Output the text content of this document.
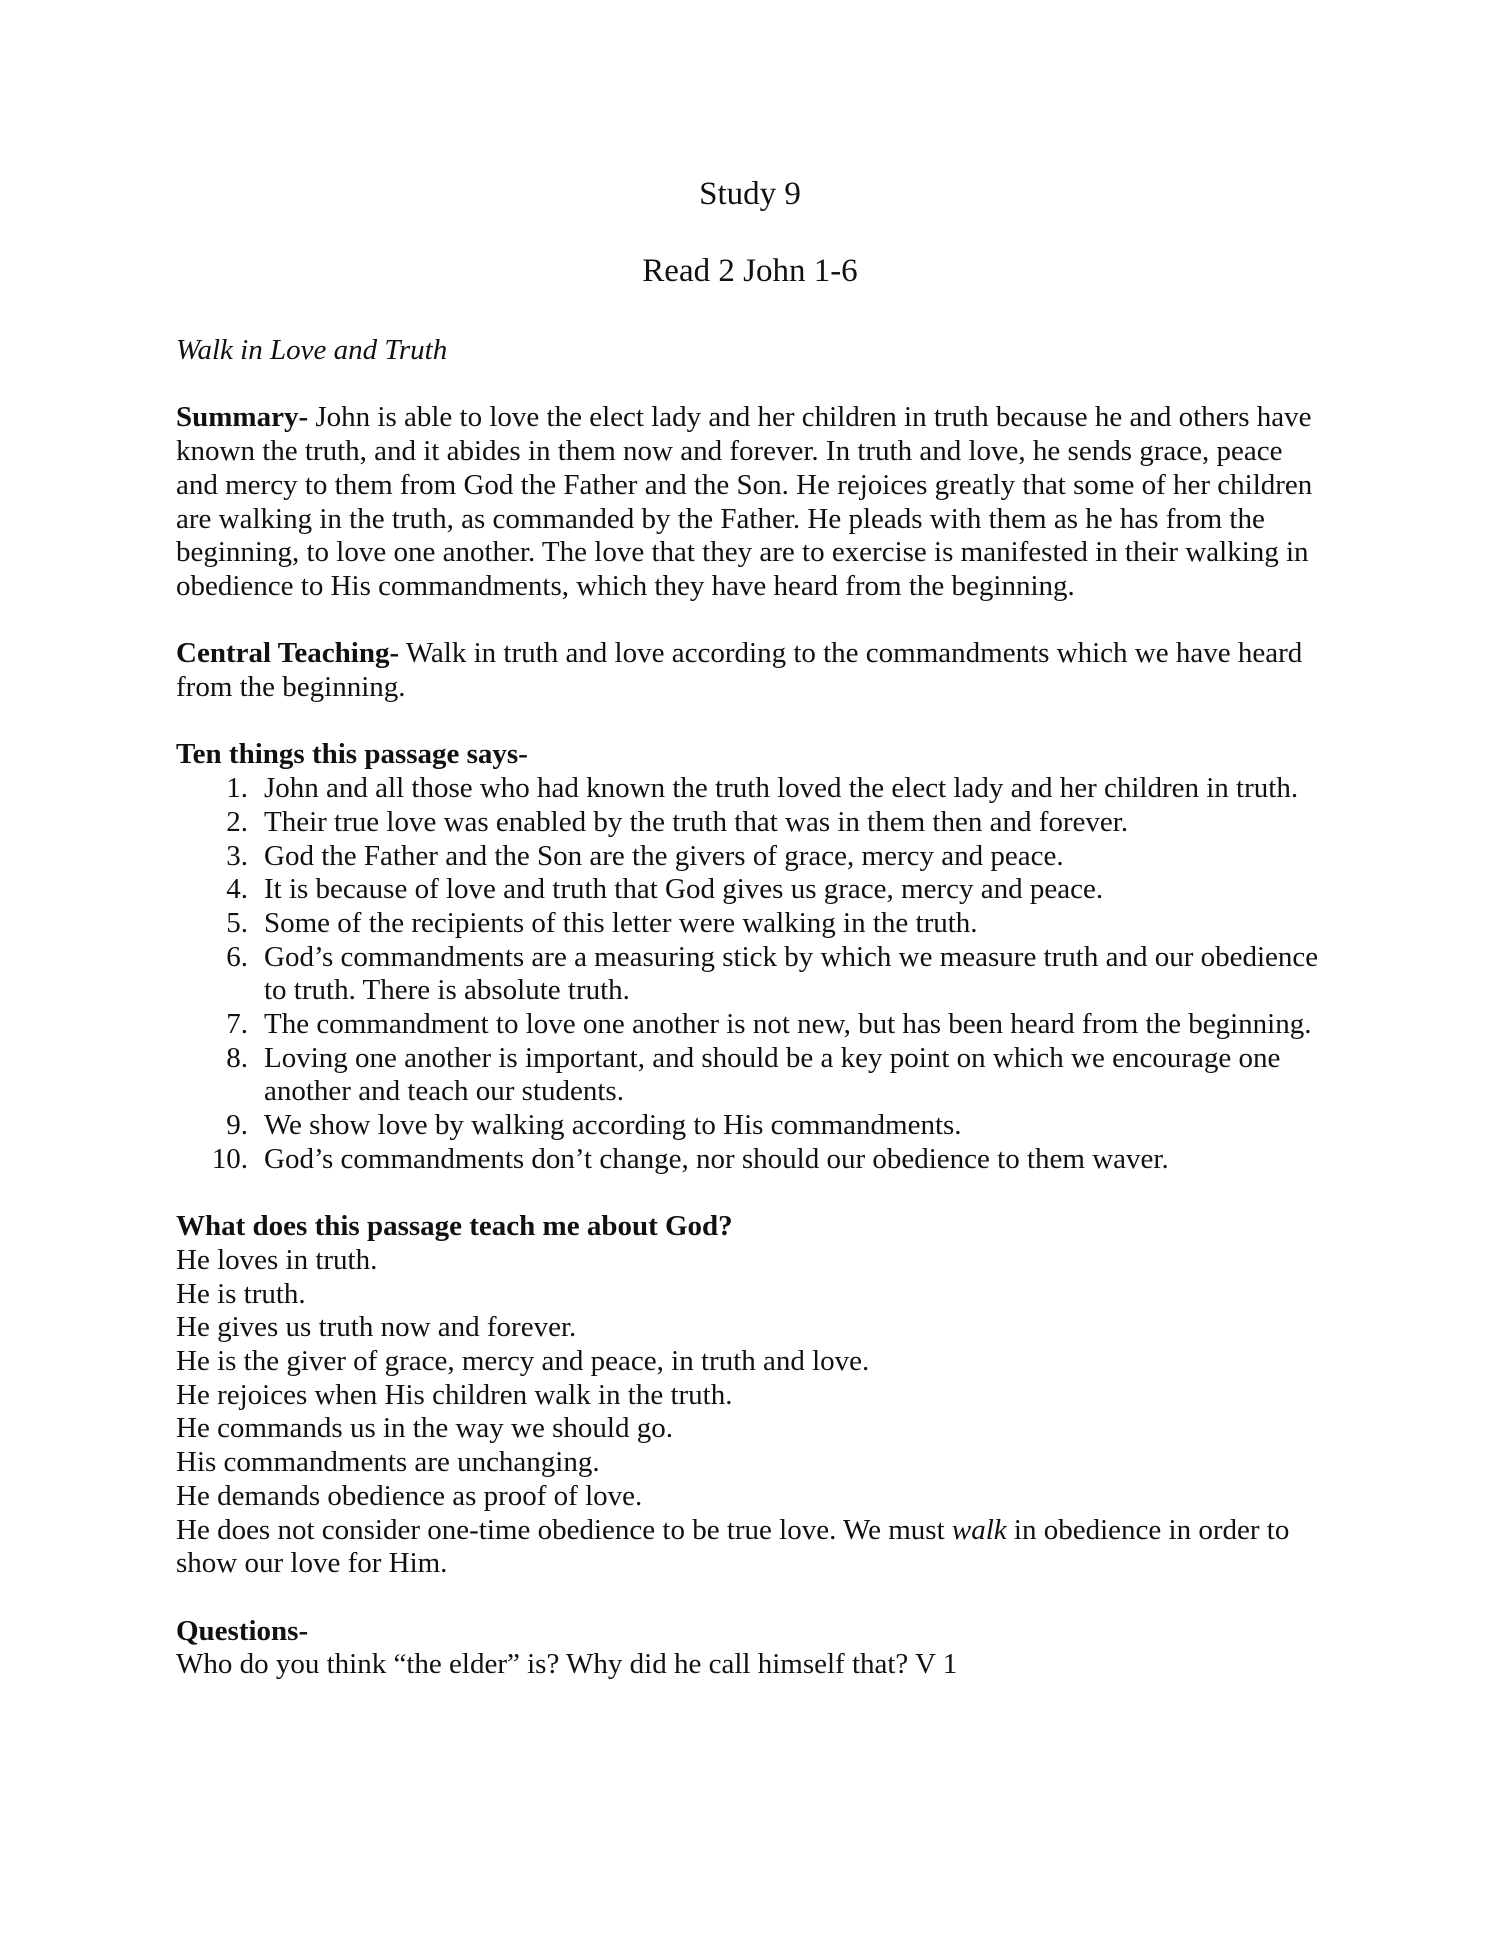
Study 9
Read 2 John 1-6

Walk in Love and Truth

Summary- John is able to love the elect lady and her children in truth because he and others have known the truth, and it abides in them now and forever. In truth and love, he sends grace, peace and mercy to them from God the Father and the Son. He rejoices greatly that some of her children are walking in the truth, as commanded by the Father. He pleads with them as he has from the beginning, to love one another. The love that they are to exercise is manifested in their walking in obedience to His commandments, which they have heard from the beginning.

Central Teaching- Walk in truth and love according to the commandments which we have heard from the beginning.

Ten things this passage says-

1. John and all those who had known the truth loved the elect lady and her children in truth.
2. Their true love was enabled by the truth that was in them then and forever.
3. God the Father and the Son are the givers of grace, mercy and peace.
4. It is because of love and truth that God gives us grace, mercy and peace.
5. Some of the recipients of this letter were walking in the truth.
6. God’s commandments are a measuring stick by which we measure truth and our obedience to truth. There is absolute truth.
7. The commandment to love one another is not new, but has been heard from the beginning.
8. Loving one another is important, and should be a key point on which we encourage one another and teach our students.
9. We show love by walking according to His commandments.
10. God’s commandments don’t change, nor should our obedience to them waver.

What does this passage teach me about God?

He loves in truth.

He is truth.

He gives us truth now and forever.

He is the giver of grace, mercy and peace, in truth and love.

He rejoices when His children walk in the truth.

He commands us in the way we should go.

His commandments are unchanging.

He demands obedience as proof of love.

He does not consider one-time obedience to be true love. We must walk in obedience in order to show our love for Him.

Questions-

Who do you think “the elder” is? Why did he call himself that? V 1
